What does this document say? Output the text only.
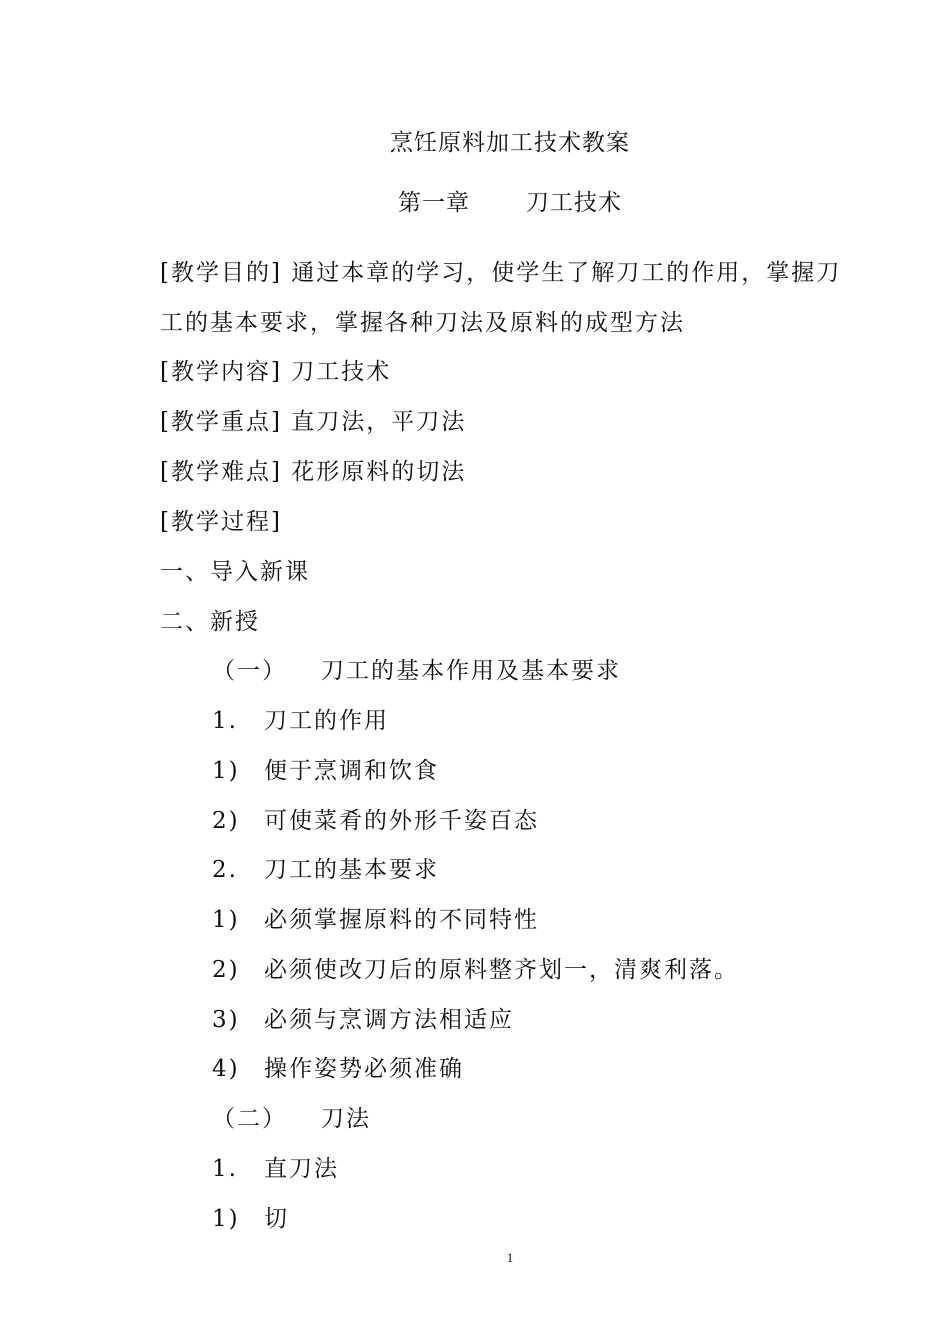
烹饪原料加工技术教案
第一章 刀工技术
[教学目的] 通过本章的学习，使学生了解刀工的作用，掌握刀
工的基本要求，掌握各种刀法及原料的成型方法
[教学内容] 刀工技术
[教学重点] 直刀法，平刀法
[教学难点] 花形原料的切法
[教学过程]
一、导入新课
二、新授
（一） 刀工的基本作用及基本要求
1. 刀工的作用
1) 便于烹调和饮食
2) 可使菜肴的外形千姿百态
2. 刀工的基本要求
1) 必须掌握原料的不同特性
2) 必须使改刀后的原料整齐划一，清爽利落。
3) 必须与烹调方法相适应
4) 操作姿势必须准确
（二） 刀法
1. 直刀法
1) 切
1
